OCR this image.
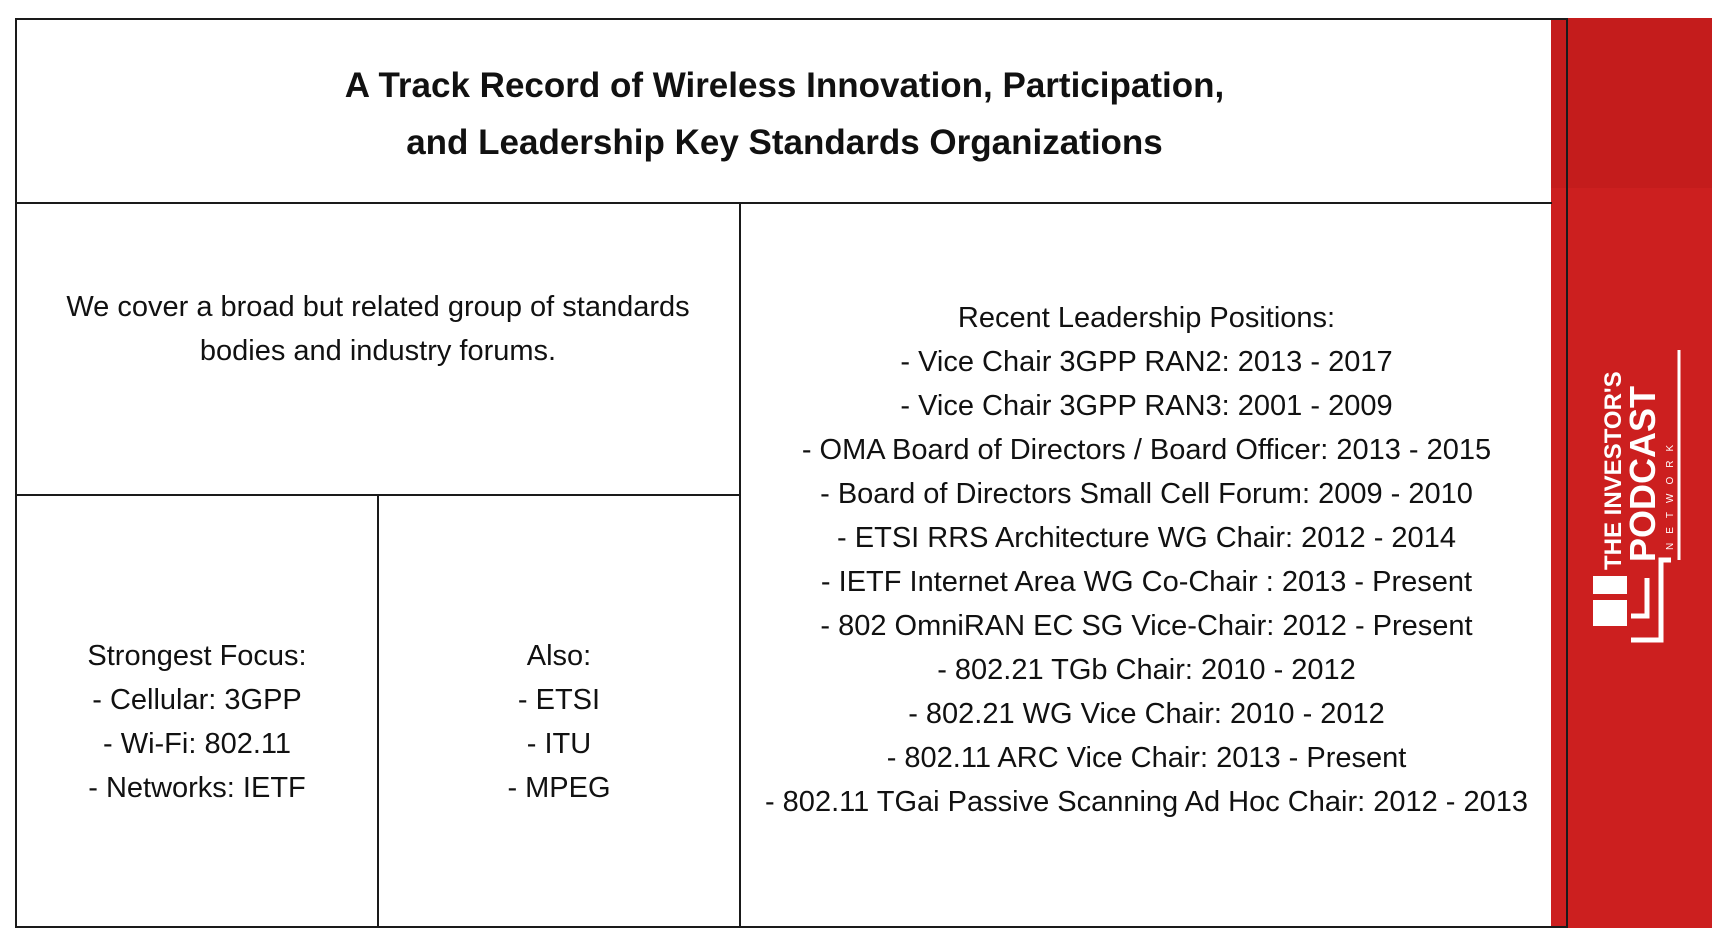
A Track Record of Wireless Innovation, Participation,
and Leadership Key Standards Organizations

We cover a broad but related group of standards
bodies and industry forums.

Strongest Focus:
- Cellular: 3GPP
- Wi-Fi: 802.11
- Networks: IETF
Also:
- ETSI
- ITU
- MPEG
Recent Leadership Positions:
- Vice Chair 3GPP RAN2: 2013 - 2017
- Vice Chair 3GPP RAN3: 2001 - 2009
- OMA Board of Directors / Board Officer: 2013 - 2015
- Board of Directors Small Cell Forum: 2009 - 2010
- ETSI RRS Architecture WG Chair: 2012 - 2014
- IETF Internet Area WG Co-Chair : 2013 - Present
- 802 OmniRAN EC SG Vice-Chair: 2012 - Present
- 802.21 TGb Chair: 2010 - 2012
- 802.21 WG Vice Chair: 2010 - 2012
- 802.11 ARC Vice Chair: 2013 - Present
- 802.11 TGai Passive Scanning Ad Hoc Chair: 2012 - 2013
THE INVESTOR'S
PODCAST NETWORK
